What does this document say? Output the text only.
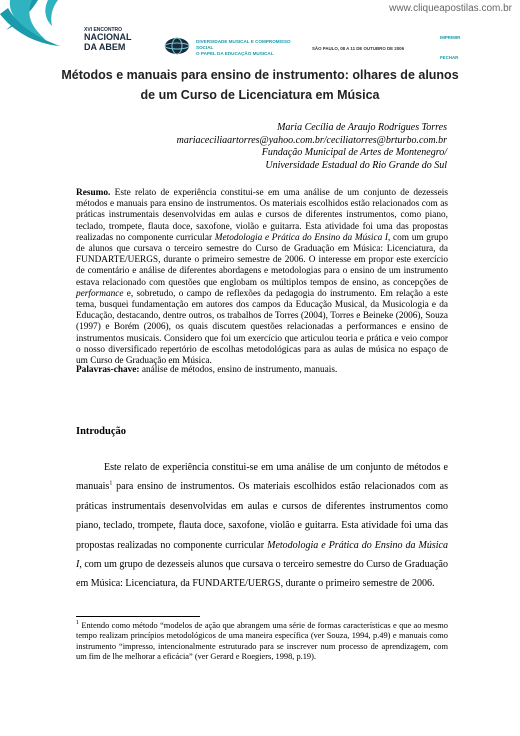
www.cliqueapostilas.com.br
XVI ENCONTRO
NACIONAL
DA ABEM
DIVERSIDADE MUSICAL E COMPROMISSO SOCIAL
O PAPEL DA EDUCAÇÃO MUSICAL
SÃO PAULO, 08 A 11 DE OUTUBRO DE 2006
IMPRIMIR
FECHAR
Métodos e manuais para ensino de instrumento: olhares de alunos
de um Curso de Licenciatura em Música
Maria Cecília de Araujo Rodrigues Torres
mariaceciliaartorres@yahoo.com.br/ceciliatorres@brturbo.com.br
Fundação Municipal de Artes de Montenegro/
Universidade Estadual do Rio Grande do Sul
Resumo. Este relato de experiência constitui-se em uma análise de um conjunto de dezesseis métodos e manuais para ensino de instrumentos. Os materiais escolhidos estão relacionados com as práticas instrumentais desenvolvidas em aulas e cursos de diferentes instrumentos, como piano, teclado, trompete, flauta doce, saxofone, violão e guitarra. Esta atividade foi uma das propostas realizadas no componente curricular Metodologia e Prática do Ensino da Música I, com um grupo de alunos que cursava o terceiro semestre do Curso de Graduação em Música: Licenciatura, da FUNDARTE/UERGS, durante o primeiro semestre de 2006. O interesse em propor este exercício de comentário e análise de diferentes abordagens e metodologias para o ensino de um instrumento estava relacionado com questões que englobam os múltiplos tempos de ensino, as concepções de performance e, sobretudo, o campo de reflexões da pedagogia do instrumento. Em relação a este tema, busquei fundamentação em autores dos campos da Educação Musical, da Musicologia e da Educação, destacando, dentre outros, os trabalhos de Torres (2004), Torres e Beineke (2006), Souza (1997) e Borém (2006), os quais discutem questões relacionadas a performances e ensino de instrumentos musicais. Considero que foi um exercício que articulou teoria e prática e veio compor o nosso diversificado repertório de escolhas metodológicas para as aulas de música no espaço de um Curso de Graduação em Música.
Palavras-chave: análise de métodos, ensino de instrumento, manuais.
Introdução
Este relato de experiência constitui-se em uma análise de um conjunto de métodos e manuais$^1$ para ensino de instrumentos. Os materiais escolhidos estão relacionados com as práticas instrumentais desenvolvidas em aulas e cursos de diferentes instrumentos como piano, teclado, trompete, flauta doce, saxofone, violão e guitarra. Esta atividade foi uma das propostas realizadas no componente curricular Metodologia e Prática do Ensino da Música I, com um grupo de dezesseis alunos que cursava o terceiro semestre do Curso de Graduação em Música: Licenciatura, da FUNDARTE/UERGS, durante o primeiro semestre de 2006.
$^1$ Entendo como método “modelos de ação que abrangem uma série de formas características e que ao mesmo tempo realizam princípios metodológicos de uma maneira específica (ver Souza, 1994, p.49) e manuais como instrumento “impresso, intencionalmente estruturado para se inscrever num processo de aprendizagem, com um fim de lhe melhorar a eficácia” (ver Gerard e Roegiers, 1998, p.19).
